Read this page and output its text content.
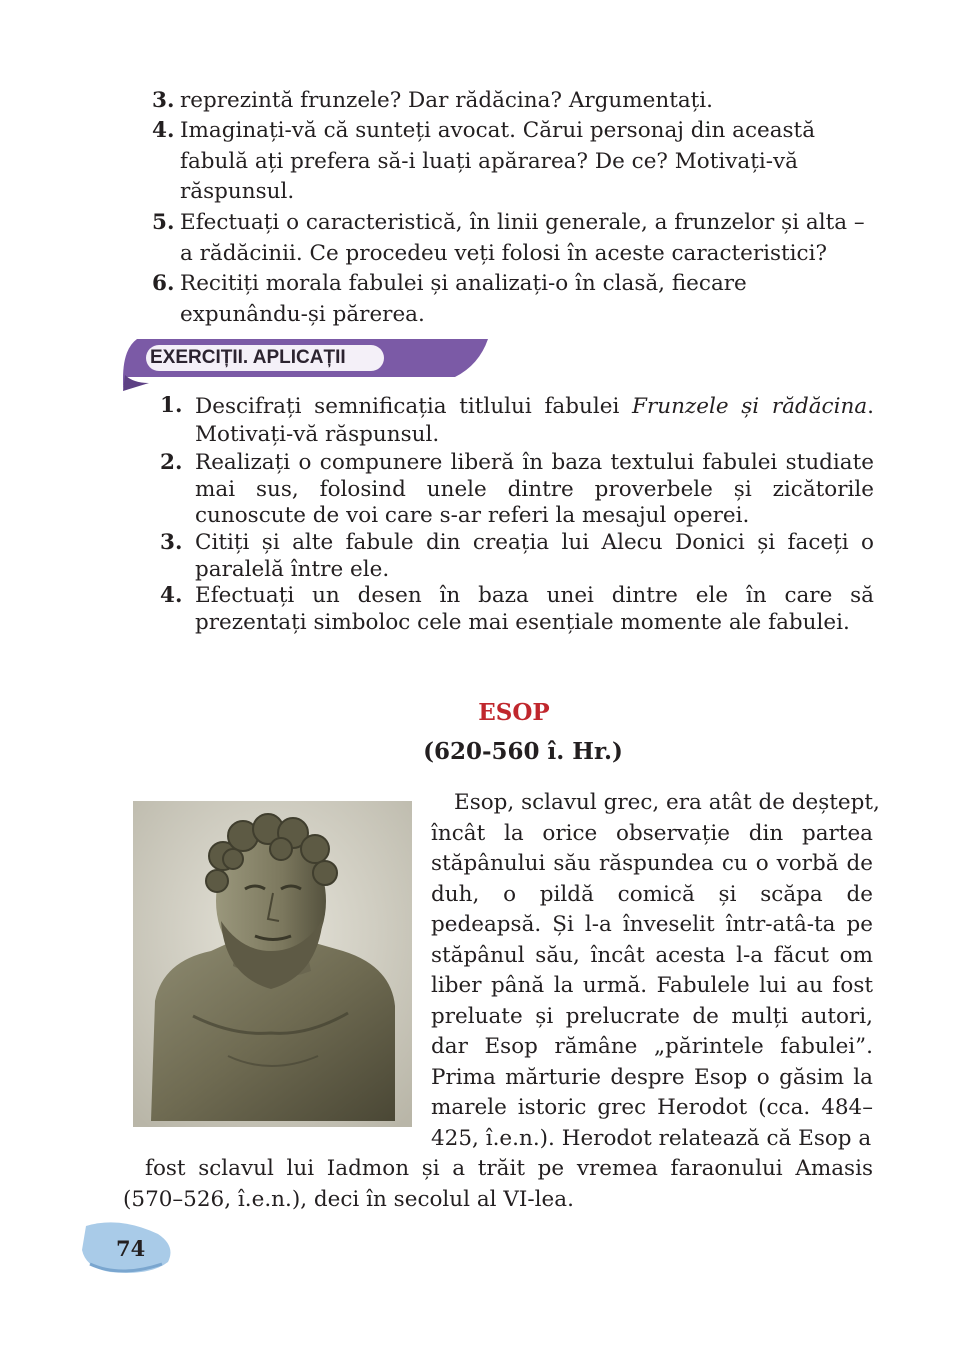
3. reprezintă frunzele? Dar rădăcina? Argumentați.
4. Imaginați-vă că sunteți avocat. Cărui personaj din această
fabulă ați prefera să-i luați apărarea? De ce? Motivați-vă
răspunsul.
5. Efectuați o caracteristică, în linii generale, a frunzelor și alta –
a rădăcinii. Ce procedeu veți folosi în aceste caracteristici?
6. Recitiți morala fabulei și analizați-o în clasă, fiecare
expunându-și părerea.
EXERCIȚII. APLICAȚII
1. Descifrați semnificația titlului fabulei Frunzele și rădăcina.
Motivați-vă răspunsul.
2. Realizați o compunere liberă în baza textului fabulei studiate
mai sus, folosind unele dintre proverbele și zicătorile
cunoscute de voi care s-ar referi la mesajul operei.
3. Citiți și alte fabule din creația lui Alecu Donici și faceți o
paralelă între ele.
4. Efectuați un desen în baza unei dintre ele în care să
prezentați simboloc cele mai esențiale momente ale fabulei.
ESOP
(620-560 î. Hr.)
Esop, sclavul grec, era atât de deștept,
încât la orice observație din partea
stăpânului său răspundea cu o vorbă de
duh, o pildă comică și scăpa de
pedeapsă. Și l-a înveselit într-atâ-ta pe
stăpânul său, încât acesta l-a făcut om
liber până la urmă. Fabulele lui au fost
preluate și prelucrate de mulți autori,
dar Esop rămâne „părintele fabulei”.
Prima mărturie despre Esop o găsim la
marele istoric grec Herodot (cca. 484–
425, î.e.n.). Herodot relatează că Esop a
fost sclavul lui Iadmon și a trăit pe vremea faraonului Amasis
(570–526, î.e.n.), deci în secolul al VI-lea.
74
